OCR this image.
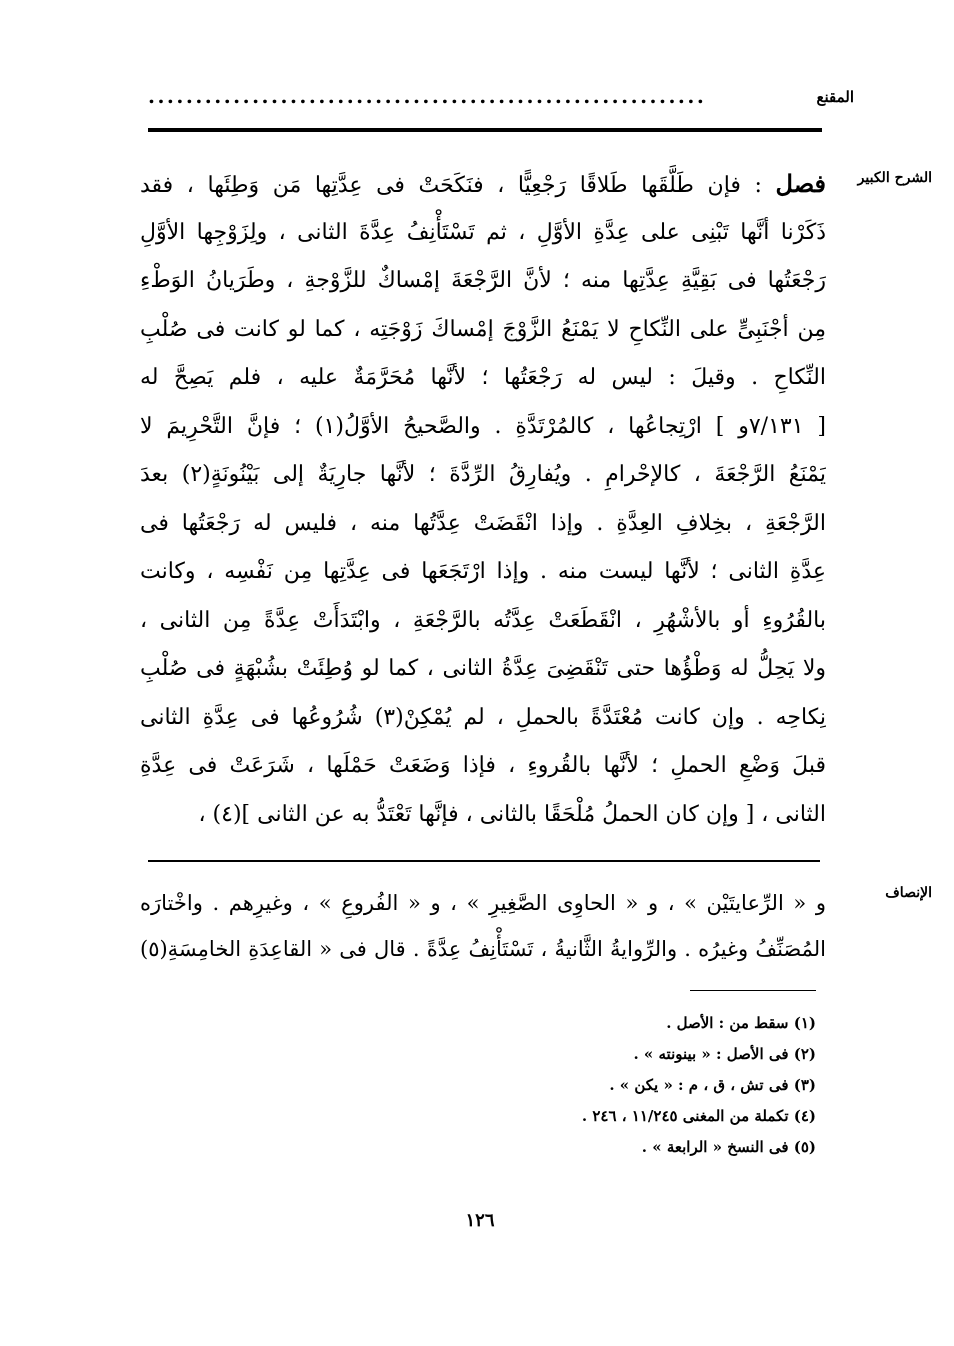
المقنع
...........................................................
الشرح الكبير
فصل : فإن طَلَّقَها طَلاقًا رَجْعِيًّا ، فنَكَحَتْ فى عِدَّتِها مَن وَطِئَها ، فقد
ذَكَرْنا أنَّها تَبْنِى على عِدَّةِ الأوَّلِ ، ثم تَسْتَأْنِفُ عِدَّةَ الثانى ، ولِزَوْجِها الأوَّلِ
رَجْعَتُها فى بَقِيَّةِ عِدَّتِها منه ؛ لأنَّ الرَّجْعَةَ إمْساكٌ للزَّوْجةِ ، وطَرَيانُ الوَطْءِ
مِن أجْنَبِىٍّ على النِّكاحِ لا يَمْنَعُ الزَّوْجَ إمْساكَ زَوْجَتِه ، كما لو كانت فى صُلْبِ
النِّكاحِ . وقيلَ : ليس له رَجْعَتُها ؛ لأنَّها مُحَرَّمَةٌ عليه ، فلم يَصِحَّ له
[ ٧/١٣١و ] ارْتِجاعُها ، كالمُرْتَدَّةِ . والصَّحيحُ الأوَّلُ(١) ؛ فإنَّ التَّحْرِيمَ لا
يَمْنَعُ الرَّجْعَةَ ، كالإحْرامِ . ويُفارِقُ الرِّدَّةَ ؛ لأنَّها جارِيَةٌ إلى بَيْنُونَةٍ(٢) بعدَ
الرَّجْعَةِ ، بخِلافِ العِدَّةِ . وإذا انْقَضَتْ عِدَّتُها منه ، فليس له رَجْعَتُها فى
عِدَّةِ الثانى ؛ لأنَّها ليست منه . وإذا ارْتَجَعَها فى عِدَّتِها مِن نَفْسِه ، وكانت
بالقُرُوءِ أو بالأشْهُرِ ، انْقَطَعَتْ عِدَّتُه بالرَّجْعَةِ ، وابْتَدَأَتْ عِدَّةً مِن الثانى ،
ولا يَحِلُّ له وَطْؤُها حتى تَنْقَضِىَ عِدَّةُ الثانى ، كما لو وُطِئَتْ بشُبْهَةٍ فى صُلْبِ
نِكاحِه . وإن كانت مُعْتَدَّةً بالحملِ ، لم يُمْكِنْ(٣) شُرُوعُها فى عِدَّةِ الثانى
قبلَ وَضْعِ الحملِ ؛ لأنَّها بالقُروءِ ، فإذا وَضَعَتْ حَمْلَها ، شَرَعَتْ فى عِدَّةِ
الثانى ، [ وإن كان الحملُ مُلْحَقًا بالثانى ، فإنَّها تَعْتَدُّ به عن الثانى ](٤) ،
الإنصاف
و « الرِّعايتَيْن » ، و « الحاوِى الصَّغِيرِ » ، و « الفُروعِ » ، وغيرِهم . واخْتارَه
المُصَنِّفُ وغيرُه . والرِّوايةُ الثَّانيةُ ، تَسْتَأْنِفُ عِدَّةً . قال فى « القاعِدَةِ الخامِسَةِ(٥)
(١) سقط من : الأصل .
(٢) فى الأصل : « بينونته » .
(٣) فى تش ، ق ، م : « يكن » .
(٤) تكملة من المغنى ١١/٢٤٥ ، ٢٤٦ .
(٥) فى النسخ « الرابعة » .
١٢٦
